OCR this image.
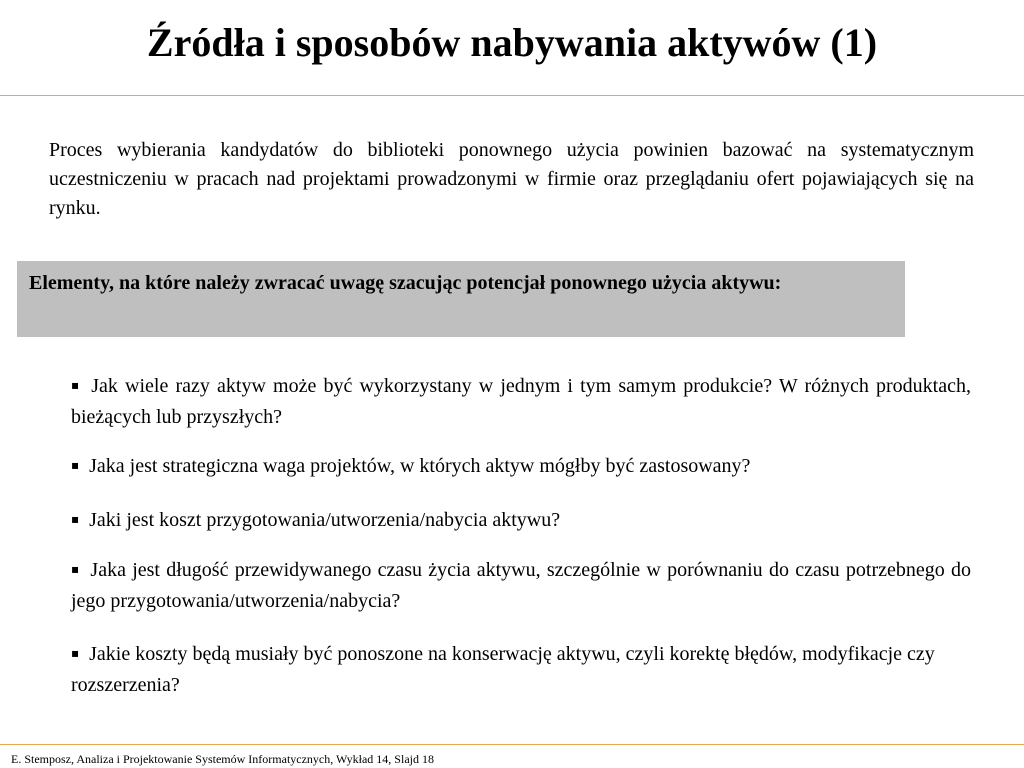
Źródła i sposobów nabywania aktywów (1)
Proces wybierania kandydatów do biblioteki ponownego użycia powinien bazować na systematycznym uczestniczeniu w pracach nad projektami prowadzonymi w firmie oraz przeglądaniu ofert pojawiających się na rynku.
Elementy, na które należy zwracać uwagę szacując potencjał ponownego użycia aktywu:
▪ Jak wiele razy aktyw może być wykorzystany w jednym i tym samym produkcie? W różnych produktach, bieżących lub przyszłych?
▪ Jaka jest strategiczna waga projektów, w których aktyw mógłby być zastosowany?
▪ Jaki jest koszt przygotowania/utworzenia/nabycia aktywu?
▪ Jaka jest długość przewidywanego czasu życia aktywu, szczególnie w porównaniu do czasu potrzebnego do jego przygotowania/utworzenia/nabycia?
▪ Jakie koszty będą musiały być ponoszone na konserwację aktywu, czyli korektę błędów, modyfikacje czy rozszerzenia?
E. Stemposz, Analiza i Projektowanie Systemów Informatycznych, Wykład 14, Slajd 18
